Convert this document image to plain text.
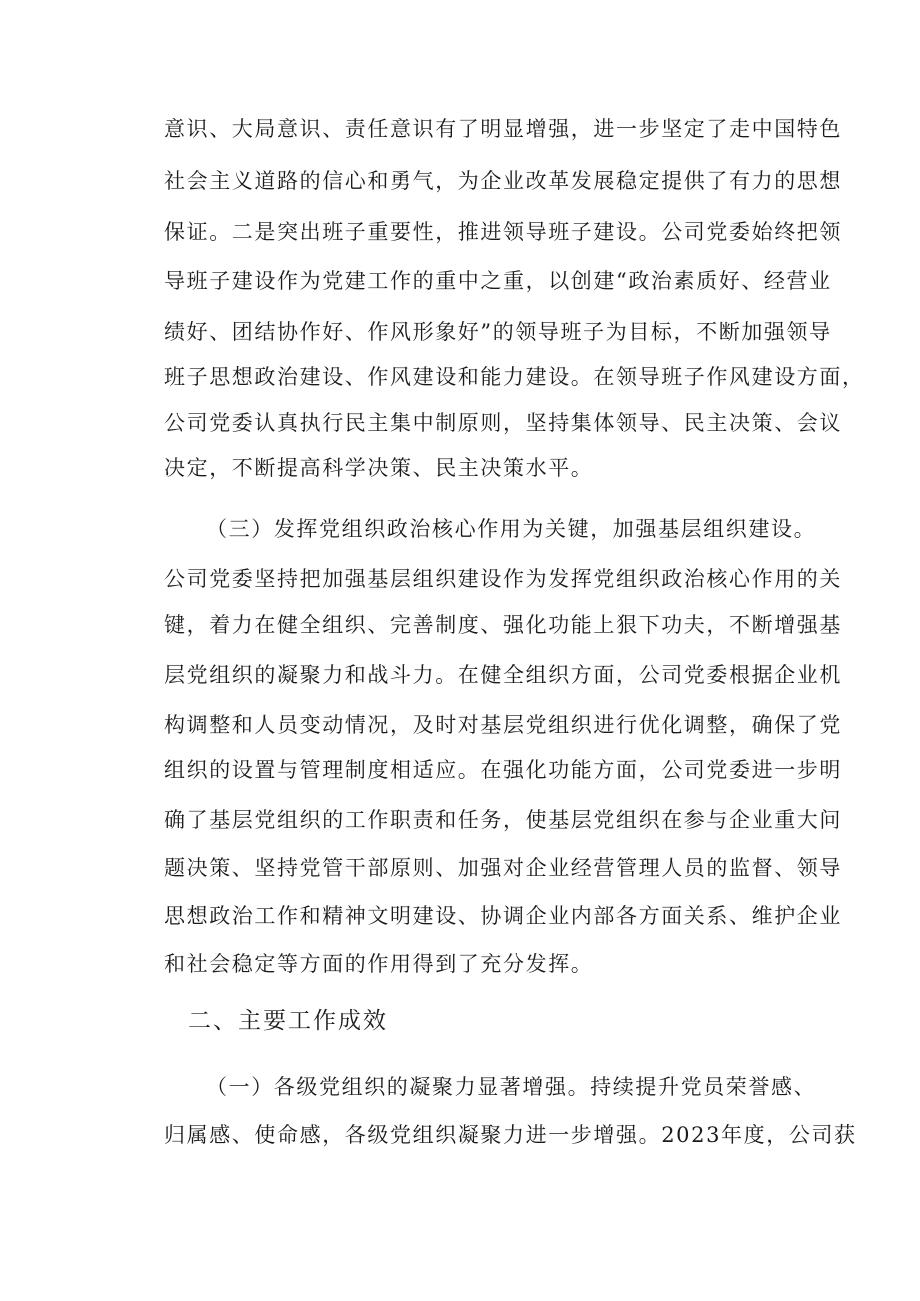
意识、大局意识、责任意识有了明显增强，进一步坚定了走中国特色
社会主义道路的信心和勇气，为企业改革发展稳定提供了有力的思想
保证。二是突出班子重要性，推进领导班子建设。公司党委始终把领
导班子建设作为党建工作的重中之重，以创建“政治素质好、经营业
绩好、团结协作好、作风形象好”的领导班子为目标，不断加强领导
班子思想政治建设、作风建设和能力建设。在领导班子作风建设方面，
公司党委认真执行民主集中制原则，坚持集体领导、民主决策、会议
决定，不断提高科学决策、民主决策水平。
（三）发挥党组织政治核心作用为关键，加强基层组织建设。
公司党委坚持把加强基层组织建设作为发挥党组织政治核心作用的关
键，着力在健全组织、完善制度、强化功能上狠下功夫，不断增强基
层党组织的凝聚力和战斗力。在健全组织方面，公司党委根据企业机
构调整和人员变动情况，及时对基层党组织进行优化调整，确保了党
组织的设置与管理制度相适应。在强化功能方面，公司党委进一步明
确了基层党组织的工作职责和任务，使基层党组织在参与企业重大问
题决策、坚持党管干部原则、加强对企业经营管理人员的监督、领导
思想政治工作和精神文明建设、协调企业内部各方面关系、维护企业
和社会稳定等方面的作用得到了充分发挥。
二、主要工作成效
（一）各级党组织的凝聚力显著增强。持续提升党员荣誉感、
归属感、使命感，各级党组织凝聚力进一步增强。2023年度，公司获
